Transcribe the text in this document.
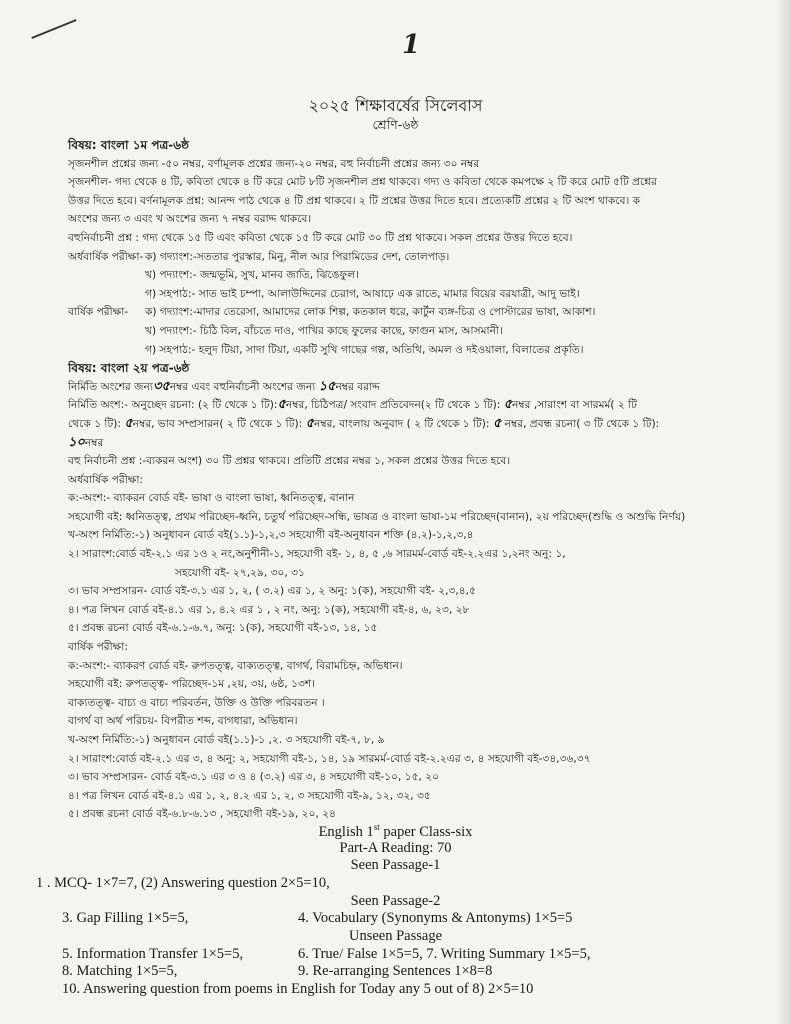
1
২০২৫ শিক্ষাবর্ষের সিলেবাস
শ্রেণি-৬ষ্ঠ
বিষয়: বাংলা ১ম পত্র-৬ষ্ঠ
সৃজনশীল প্রশ্নের জন্য -৫০ নম্বর, বর্ণামূলক প্রশ্নের জন্য-২০ নম্বর, বহু নির্বাচনী প্রশ্নের জন্য ৩০ নম্বর
সৃজনশীল- গদ্য থেকে ৪ টি, কবিতা থেকে ৪ টি করে মোট ৮টি সৃজনশীল প্রশ্ন থাকবে। গদ্য ও কবিতা থেকে কমপক্ষে ২ টি করে মোট ৫টি প্রশ্নের
উত্তর দিতে হবে। বর্ণনামূলক প্রশ্ন: আনন্দ পাঠ থেকে ৪ টি প্রশ্ন থাকবে। ২ টি প্রশ্নের উত্তর দিতে হবে। প্রত্যেকটি প্রশ্নের ২ টি অংশ থাকবে। ক
অংশের জন্য ৩ এবং খ অংশের জন্য ৭ নম্বর বরাদ্দ থাকবে।
বহুনির্বাচনী প্রশ্ন : গদ্য থেকে ১৫ টি এবং কবিতা থেকে ১৫ টি করে মোট ৩০ টি প্রশ্ন থাকবে। সকল প্রশ্নের উত্তর দিতে হবে।
অর্ধবার্ষিক পরীক্ষা- ক) গদ্যাংশ:-সততার পুরস্কার, মিনু, নীল আর পিরামিডের দেশ, তোলপাড়।
খ) পদ্যাংশ:- জন্মভূমি, সুখ, মানব জাতি, ঝিঙেফুল।
গ) সহপাঠ:- সাত ভাই চম্পা, আলাউদ্দিনের চেরাগ, আষাঢ়ে এক রাতে, মামার বিয়ের বরযাত্রী, আদু ভাই।
বার্ষিক পরীক্ষা- ক) গদ্যাংশ:-মাদার তেরেসা, আমাদের লোক শিল্প, কতকাল ধরে, কার্টুন ব্যঙ্গ-চিত্র ও পোস্টারের ভাষা, আকাশ।
খ) পদ্যাংশ:- চিঠি বিল, বাঁচতে দাও, পাখির কাছে ফুলের কাছে, ফাগুন মাস, আসমানী।
গ) সহপাঠ:- হলুদ টিয়া, সাদা টিয়া, একটি সুখি গাছের গল্প, অতিথি, অমল ও দইওয়ালা, বিলাতের প্রকৃতি।
বিষয়: বাংলা ২য় পত্র-৬ষ্ঠ
নির্মিতি অংশের জন্য৩৫নম্বর এবং বহুনির্বাচনী অংশের জন্য ১৫নম্বর বরাদ্দ
নির্মিতি অংশ:- অনুচ্ছেদ রচনা: (২ টি থেকে ১ টি):৫নম্বর, চিঠিপত্র/ সংবাদ প্রতিবেদন(২ টি থেকে ১ টি): ৫নম্বর ,সারাংশ বা সারমর্ম( ২ টি
থেকে ১ টি): ৫নম্বর, ভাব সম্প্রসারন( ২ টি থেকে ১ টি): ৫নম্বর, বাংলায় অনুবাদ ( ২ টি থেকে ১ টি): ৫ নম্বর, প্রবন্ধ রচনা( ৩ টি থেকে ১ টি):
১০নম্বর
বহু নির্বাচনী প্রশ্ন :-ব্যকরন অংশ) ৩০ টি প্রশ্নর থাকবে। প্রতিটি প্রশ্নের নম্বর ১, সকল প্রশ্নের উত্তর দিতে হবে।
অর্ধবার্ষিক পরীক্ষা:
ক:-অংশ:- ব্যাকরন বোর্ড বই- ভাষা ও বাংলা ভাষা, ধ্বনিতত্ত্ব, বানান
সহযোগী বই: ধ্বনিতত্ত্ব, প্রথম পরিচ্ছেদ-ধ্বনি, চতুর্থ পরিচ্ছেদ-সন্ধি, ভাষত্র ও বাংলা ভাষা-১ম পরিচ্ছেদ(বানান), ২য় পরিচ্ছেদ(শুদ্ধি ও অশুদ্ধি নির্ণয়)
খ-অংশ নির্মিতি:-১) অনুধাবন বোর্ড বই(১.১)-১,২,৩ সহযোগী বই-অনুধাবন শক্তি (৪.২)-১,২,৩,৪
২। সারাংশ:বোর্ড বই-২.১ এর ১ও ২ নং,অনুশীনী-১, সহযোগী বই- ১, ৪, ৫ ,৬ সারমর্ম-বোর্ড বই-২.২এর ১,২নং অনু: ১,
সহযোগী বই- ২৭,২৯, ৩০, ৩১
৩। ভাব সম্প্রসারন- বোর্ড বই-৩.১ এর ১, ২, ( ৩.২) এর ১, ২ অনু: ১(ক), সহযোগী বই- ২,৩,৪,৫
৪। পত্র লিখন বোর্ড বই-৪.১ এর ১, ৪.২ এর ১ , ২ নং, অনু: ১(ক), সহযোগী বই-৪, ৬, ২৩, ২৮
৫। প্রবন্ধ রচনা বোর্ড বই-৬.১-৬.৭, অনু: ১(ক), সহযোগী বই-১৩, ১৪, ১৫
বার্ষিক পরীক্ষা:
ক:-অংশ:- ব্যাকরণ বোর্ড বই- রুপতত্ত্ব, বাক্যতত্ত্ব, বাগর্থ, বিরামচিহ্ন, অভিধান।
সহযোগী বই: রুপতত্ত্ব- পরিচ্ছেদ-১ম ,২য়, ৩য়, ৬ষ্ঠ, ১৩শ।
বাক্যতত্ত্ব- বাচ্য ও বাচ্য পরিবর্তন, উক্তি ও উক্তি পরিবরতন ।
বাগর্থ বা অর্থ পরিচয়- বিপরীত শব্দ, বাগধারা, অভিধান।
খ-অংশ নির্মিতি:-১) অনুধাবন বোর্ড বই(১.১)-১ ,২. ৩ সহযোগী বই-৭, ৮, ৯
২। সারাংশ:বোর্ড বই-২.১ এর ৩, ৪ অনু: ২, সহযোগী বই-১, ১৪, ১৯ সারমর্ম-বোর্ড বই-২.২এর ৩, ৪ সহযোগী বই-৩৪,৩৬,৩৭
৩। ভাব সম্প্রসারন- বোর্ড বই-৩.১ এর ৩ ও ৪ (৩.২) এর ৩, ৪ সহযোগী বই-১০, ১৫, ২০
৪। পত্র লিখন বোর্ড বই-৪.১ এর ১, ২, ৪.২ এর ১, ২, ৩ সহযোগী বই-৯, ১২, ৩২, ৩৫
৫। প্রবন্ধ রচনা বোর্ড বই-৬.৮-৬.১৩ , সহযোগী বই-১৯, ২০, ২৪
English 1st paper Class-six
Part-A Reading: 70
Seen Passage-1
1 . MCQ- 1×7=7, (2) Answering question 2×5=10,
Seen Passage-2
3. Gap Filling 1×5=5,	4. Vocabulary (Synonyms & Antonyms) 1×5=5
Unseen Passage
5. Information Transfer 1×5=5,	6. True/ False 1×5=5, 7. Writing Summary 1×5=5,
8. Matching 1×5=5,	9. Re-arranging Sentences 1×8=8
10. Answering question from poems in English for Today any 5 out of 8) 2×5=10
